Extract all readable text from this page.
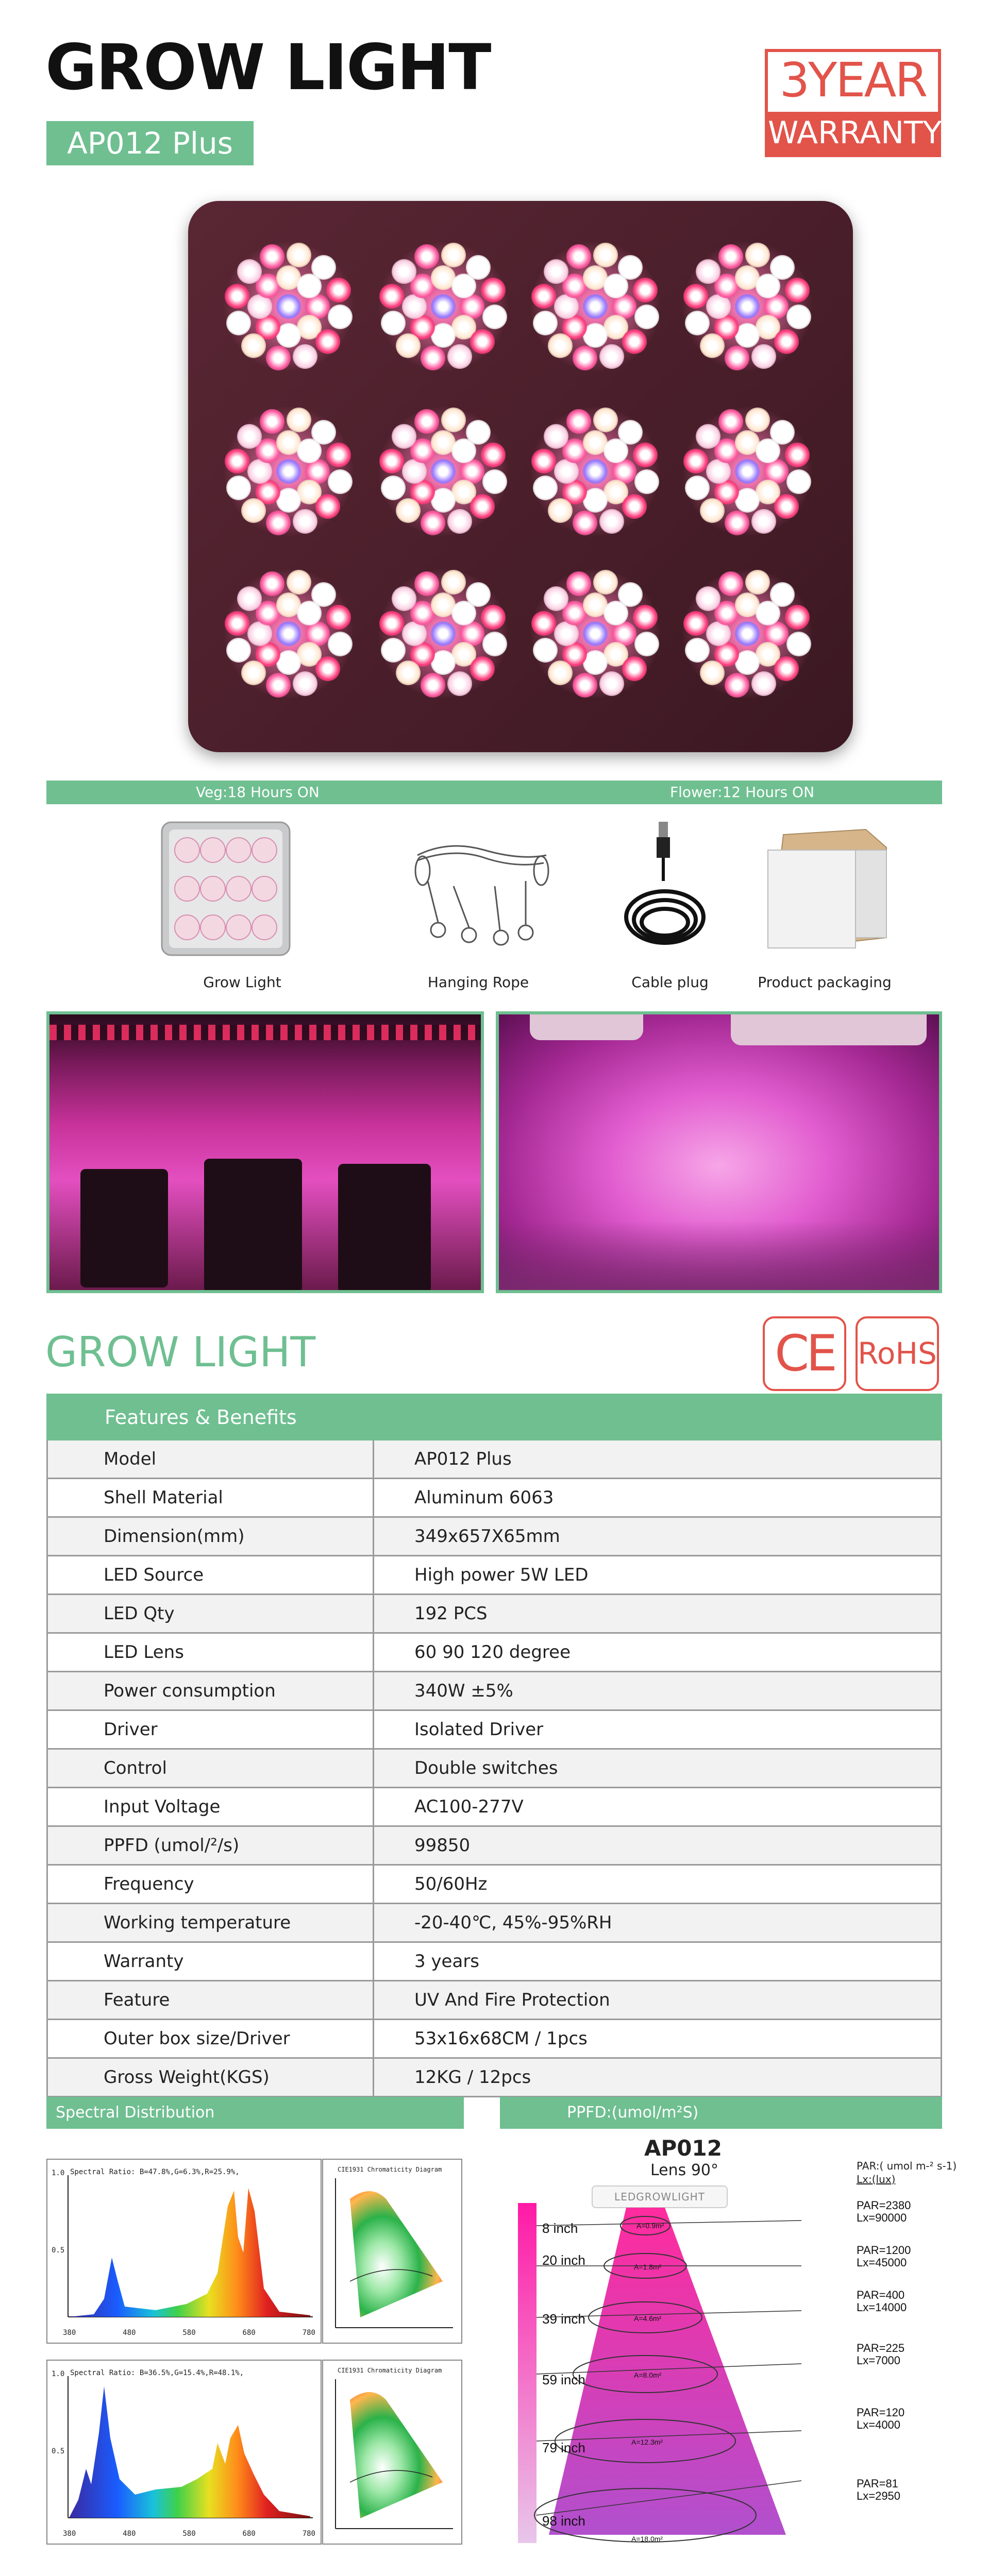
GROW LIGHT
AP012 Plus
3YEAR
WARRANTY
Veg:18 Hours ON	Flower:12 Hours ON
Grow Light	Hanging Rope	Cable plug	Product packaging
GROW LIGHT	CE RoHS
Features & Benefits	
Model	AP012 Plus
Shell Material	Aluminum 6063
Dimension(mm)	349x657X65mm
LED Source	High power 5W LED
LED Qty	192 PCS
LED Lens	60 90 120 degree
Power consumption	340W ±5%
Driver	Isolated Driver
Control	Double switches
Input Voltage	AC100-277V
PPFD (umol/²/s)	99850
Frequency	50/60Hz
Working temperature	-20-40℃, 45%-95%RH
Warranty	3 years
Feature	UV And Fire Protection
Outer box size/Driver	53x16x68CM / 1pcs
Gross Weight(KGS)	12KG / 12pcs
Spectral Distribution	PPFD:(umol/m²S)
Spectral Ratio: B=47.8%,G=6.3%,R=25.9%,
1.0
0.5
380	480	580	680	780
CIE1931 Chromaticity Diagram
Spectral Ratio: B=36.5%,G=15.4%,R=48.1%,
1.0
0.5
380	480	580	680	780
CIE1931 Chromaticity Diagram
AP012
Lens 90°	PAR:( umol m-² s-1)
Lx:(lux)
LEDGROWLIGHT
8 inch
20 inch
39 inch
59 inch
79 inch
98 inch
A=0.9m²
A=1.8m²
A=4.6m²
A=8.0m²
A=12.3m²
A=18.0m²
PAR=2380
Lx=90000
PAR=1200
Lx=45000
PAR=400
Lx=14000
PAR=225
Lx=7000
PAR=120
Lx=4000
PAR=81
Lx=2950
